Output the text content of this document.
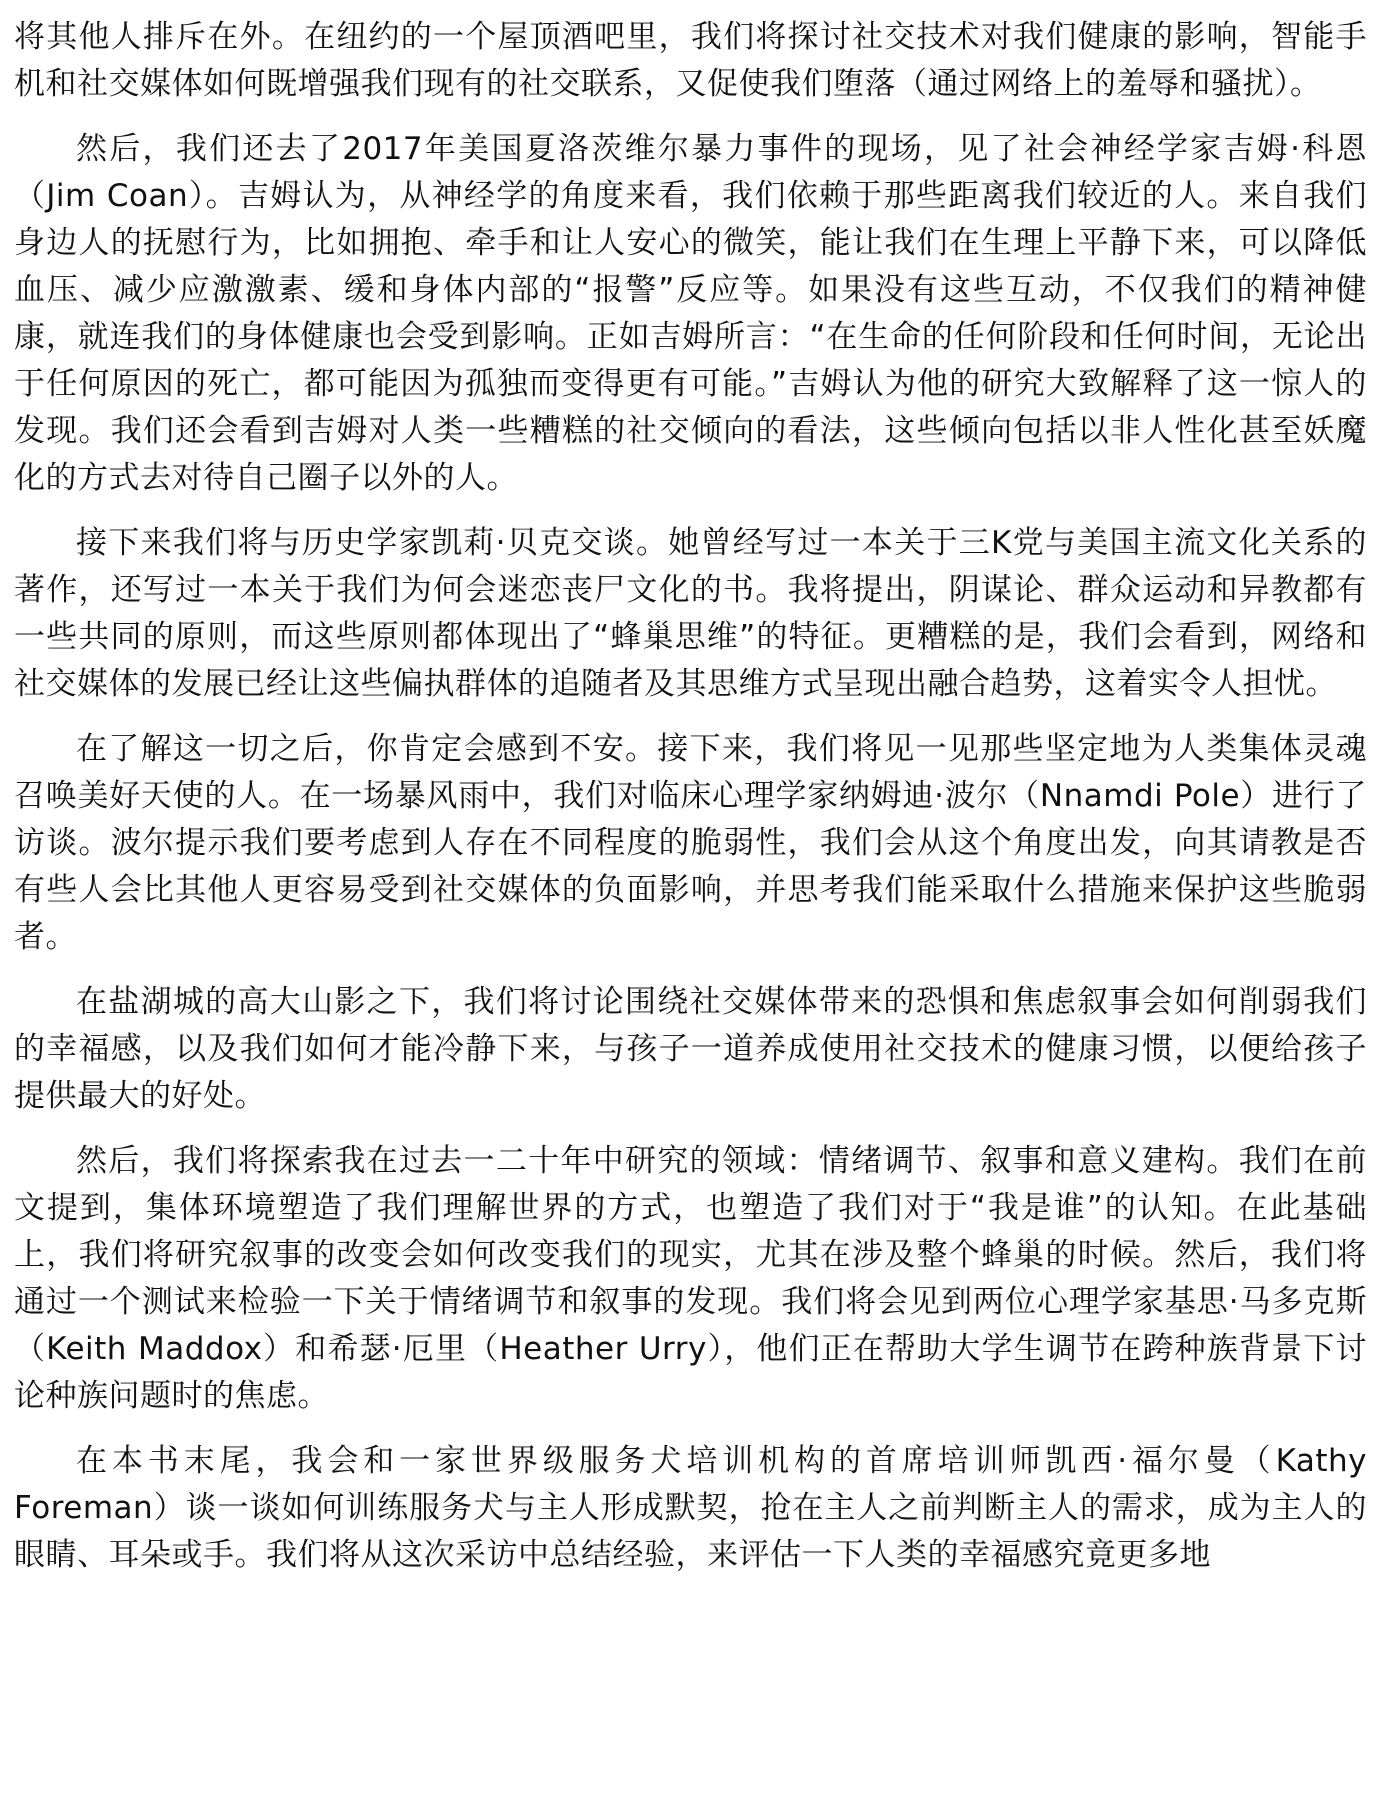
将其他人排斥在外。在纽约的一个屋顶酒吧里，我们将探讨社交技术对我们健康的影响，智能手机和社交媒体如何既增强我们现有的社交联系，又促使我们堕落（通过网络上的羞辱和骚扰）。

然后，我们还去了2017年美国夏洛茨维尔暴力事件的现场，见了社会神经学家吉姆·科恩（Jim Coan）。吉姆认为，从神经学的角度来看，我们依赖于那些距离我们较近的人。来自我们身边人的抚慰行为，比如拥抱、牵手和让人安心的微笑，能让我们在生理上平静下来，可以降低血压、减少应激激素、缓和身体内部的“报警”反应等。如果没有这些互动，不仅我们的精神健康，就连我们的身体健康也会受到影响。正如吉姆所言：“在生命的任何阶段和任何时间，无论出于任何原因的死亡，都可能因为孤独而变得更有可能。”吉姆认为他的研究大致解释了这一惊人的发现。我们还会看到吉姆对人类一些糟糕的社交倾向的看法，这些倾向包括以非人性化甚至妖魔化的方式去对待自己圈子以外的人。

接下来我们将与历史学家凯莉·贝克交谈。她曾经写过一本关于三K党与美国主流文化关系的著作，还写过一本关于我们为何会迷恋丧尸文化的书。我将提出，阴谋论、群众运动和异教都有一些共同的原则，而这些原则都体现出了“蜂巢思维”的特征。更糟糕的是，我们会看到，网络和社交媒体的发展已经让这些偏执群体的追随者及其思维方式呈现出融合趋势，这着实令人担忧。

在了解这一切之后，你肯定会感到不安。接下来，我们将见一见那些坚定地为人类集体灵魂召唤美好天使的人。在一场暴风雨中，我们对临床心理学家纳姆迪·波尔（Nnamdi Pole）进行了访谈。波尔提示我们要考虑到人存在不同程度的脆弱性，我们会从这个角度出发，向其请教是否有些人会比其他人更容易受到社交媒体的负面影响，并思考我们能采取什么措施来保护这些脆弱者。

在盐湖城的高大山影之下，我们将讨论围绕社交媒体带来的恐惧和焦虑叙事会如何削弱我们的幸福感，以及我们如何才能冷静下来，与孩子一道养成使用社交技术的健康习惯，以便给孩子提供最大的好处。

然后，我们将探索我在过去一二十年中研究的领域：情绪调节、叙事和意义建构。我们在前文提到，集体环境塑造了我们理解世界的方式，也塑造了我们对于“我是谁”的认知。在此基础上，我们将研究叙事的改变会如何改变我们的现实，尤其在涉及整个蜂巢的时候。然后，我们将通过一个测试来检验一下关于情绪调节和叙事的发现。我们将会见到两位心理学家基思·马多克斯（Keith Maddox）和希瑟·厄里（Heather Urry），他们正在帮助大学生调节在跨种族背景下讨论种族问题时的焦虑。

在本书末尾，我会和一家世界级服务犬培训机构的首席培训师凯西·福尔曼（Kathy Foreman）谈一谈如何训练服务犬与主人形成默契，抢在主人之前判断主人的需求，成为主人的眼睛、耳朵或手。我们将从这次采访中总结经验，来评估一下人类的幸福感究竟更多地
